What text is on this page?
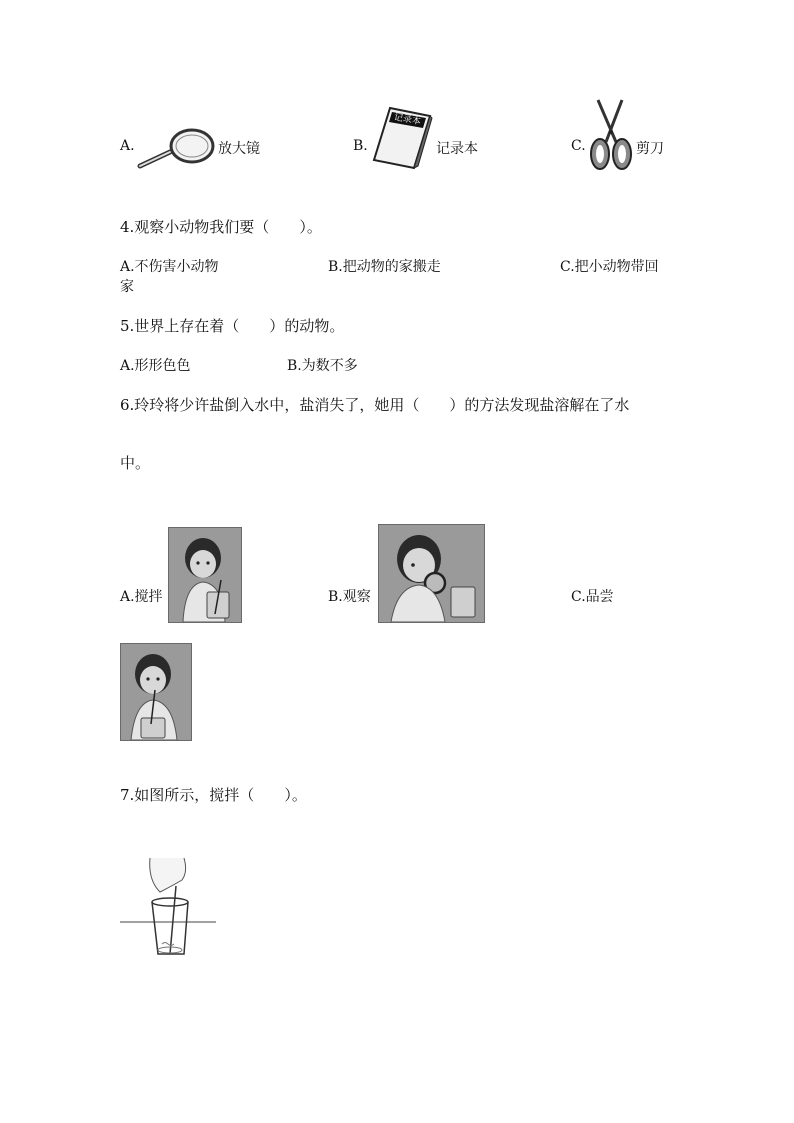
A.	放大镜	B.
记录本
记录本	C.	剪刀
4.观察小动物我们要（　　）。
A.不伤害小动物	B.把动物的家搬走	C.把小动物带回
家
5.世界上存在着（　　）的动物。
A.形形色色	B.为数不多
6.玲玲将少许盐倒入水中，盐消失了，她用（　　）的方法发现盐溶解在了水
中。
A.搅拌	B.观察	C.品尝
7.如图所示，搅拌（　　）。
